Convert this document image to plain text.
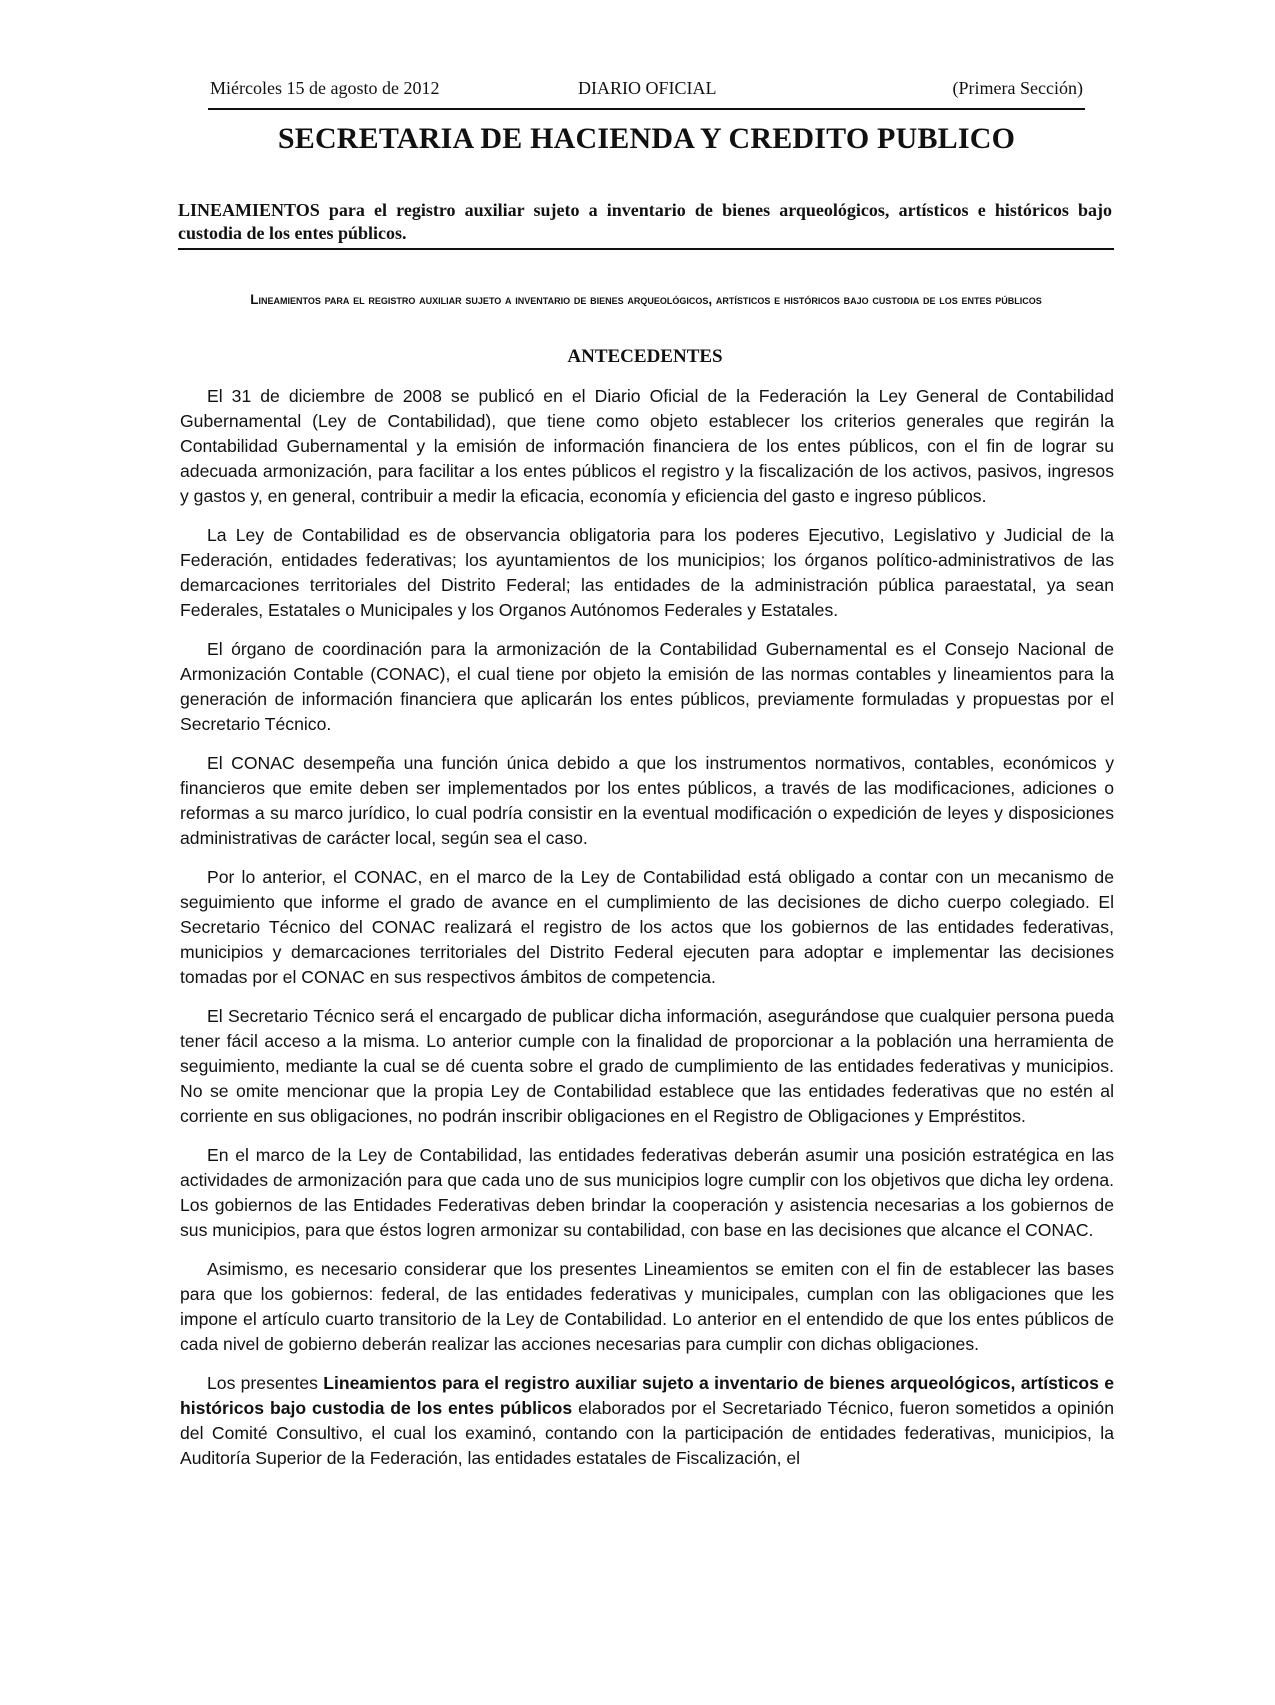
Miércoles 15 de agosto de 2012	DIARIO OFICIAL	(Primera Sección)
SECRETARIA DE HACIENDA Y CREDITO PUBLICO
LINEAMIENTOS para el registro auxiliar sujeto a inventario de bienes arqueológicos, artísticos e históricos bajo custodia de los entes públicos.
Lineamientos para el registro auxiliar sujeto a inventario de bienes arqueológicos, artísticos e históricos bajo custodia de los entes públicos
ANTECEDENTES

El 31 de diciembre de 2008 se publicó en el Diario Oficial de la Federación la Ley General de Contabilidad Gubernamental (Ley de Contabilidad), que tiene como objeto establecer los criterios generales que regirán la Contabilidad Gubernamental y la emisión de información financiera de los entes públicos, con el fin de lograr su adecuada armonización, para facilitar a los entes públicos el registro y la fiscalización de los activos, pasivos, ingresos y gastos y, en general, contribuir a medir la eficacia, economía y eficiencia del gasto e ingreso públicos.

La Ley de Contabilidad es de observancia obligatoria para los poderes Ejecutivo, Legislativo y Judicial de la Federación, entidades federativas; los ayuntamientos de los municipios; los órganos político-administrativos de las demarcaciones territoriales del Distrito Federal; las entidades de la administración pública paraestatal, ya sean Federales, Estatales o Municipales y los Organos Autónomos Federales y Estatales.

El órgano de coordinación para la armonización de la Contabilidad Gubernamental es el Consejo Nacional de Armonización Contable (CONAC), el cual tiene por objeto la emisión de las normas contables y lineamientos para la generación de información financiera que aplicarán los entes públicos, previamente formuladas y propuestas por el Secretario Técnico.

El CONAC desempeña una función única debido a que los instrumentos normativos, contables, económicos y financieros que emite deben ser implementados por los entes públicos, a través de las modificaciones, adiciones o reformas a su marco jurídico, lo cual podría consistir en la eventual modificación o expedición de leyes y disposiciones administrativas de carácter local, según sea el caso.

Por lo anterior, el CONAC, en el marco de la Ley de Contabilidad está obligado a contar con un mecanismo de seguimiento que informe el grado de avance en el cumplimiento de las decisiones de dicho cuerpo colegiado. El Secretario Técnico del CONAC realizará el registro de los actos que los gobiernos de las entidades federativas, municipios y demarcaciones territoriales del Distrito Federal ejecuten para adoptar e implementar las decisiones tomadas por el CONAC en sus respectivos ámbitos de competencia.

El Secretario Técnico será el encargado de publicar dicha información, asegurándose que cualquier persona pueda tener fácil acceso a la misma. Lo anterior cumple con la finalidad de proporcionar a la población una herramienta de seguimiento, mediante la cual se dé cuenta sobre el grado de cumplimiento de las entidades federativas y municipios. No se omite mencionar que la propia Ley de Contabilidad establece que las entidades federativas que no estén al corriente en sus obligaciones, no podrán inscribir obligaciones en el Registro de Obligaciones y Empréstitos.

En el marco de la Ley de Contabilidad, las entidades federativas deberán asumir una posición estratégica en las actividades de armonización para que cada uno de sus municipios logre cumplir con los objetivos que dicha ley ordena. Los gobiernos de las Entidades Federativas deben brindar la cooperación y asistencia necesarias a los gobiernos de sus municipios, para que éstos logren armonizar su contabilidad, con base en las decisiones que alcance el CONAC.

Asimismo, es necesario considerar que los presentes Lineamientos se emiten con el fin de establecer las bases para que los gobiernos: federal, de las entidades federativas y municipales, cumplan con las obligaciones que les impone el artículo cuarto transitorio de la Ley de Contabilidad. Lo anterior en el entendido de que los entes públicos de cada nivel de gobierno deberán realizar las acciones necesarias para cumplir con dichas obligaciones.

Los presentes Lineamientos para el registro auxiliar sujeto a inventario de bienes arqueológicos, artísticos e históricos bajo custodia de los entes públicos elaborados por el Secretariado Técnico, fueron sometidos a opinión del Comité Consultivo, el cual los examinó, contando con la participación de entidades federativas, municipios, la Auditoría Superior de la Federación, las entidades estatales de Fiscalización, el
